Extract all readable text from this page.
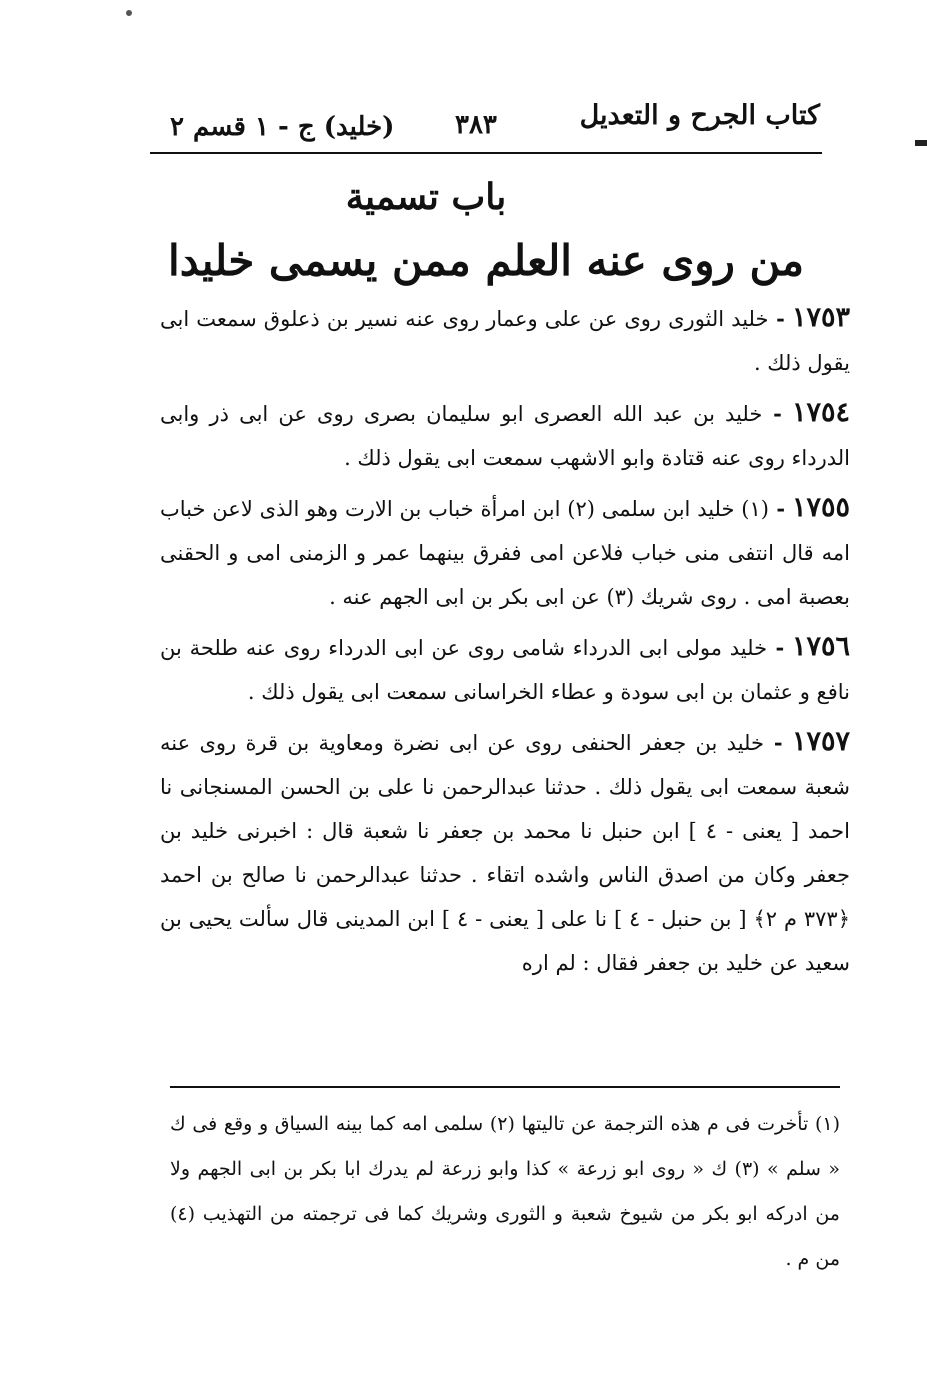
كتاب الجرح و التعديل
٣٨٣
(خليد) ج - ١ قسم ٢
باب تسمية
من روى عنه العلم ممن يسمى خليدا

١٧٥٣ - خليد الثورى روى عن على وعمار روى عنه نسير بن ذعلوق سمعت ابى يقول ذلك .

١٧٥٤ - خليد بن عبد الله العصرى ابو سليمان بصرى روى عن ابى ذر وابى الدرداء روى عنه قتادة وابو الاشهب سمعت ابى يقول ذلك .

١٧٥٥ - (١) خليد ابن سلمى (٢) ابن امرأة خباب بن الارت وهو الذى لاعن خباب امه قال انتفى منى خباب فلاعن امى ففرق بينهما عمر و الزمنى امى و الحقنى بعصبة امى . روى شريك (٣) عن ابى بكر بن ابى الجهم عنه .

١٧٥٦ - خليد مولى ابى الدرداء شامى روى عن ابى الدرداء روى عنه طلحة بن نافع و عثمان بن ابى سودة و عطاء الخراسانى سمعت ابى يقول ذلك .

١٧٥٧ - خليد بن جعفر الحنفى روى عن ابى نضرة ومعاوية بن قرة روى عنه شعبة سمعت ابى يقول ذلك . حدثنا عبدالرحمن نا على بن الحسن المسنجانى نا احمد [ يعنى - ٤ ] ابن حنبل نا محمد بن جعفر نا شعبة قال : اخبرنى خليد بن جعفر وكان من اصدق الناس واشده اتقاء . حدثنا عبدالرحمن نا صالح بن احمد ﴿٣٧٣ م ٢﴾ [ بن حنبل - ٤ ] نا على [ يعنى - ٤ ] ابن المدينى قال سألت يحيى بن سعيد عن خليد بن جعفر فقال : لم اره

(١) تأخرت فى م هذه الترجمة عن تاليتها (٢) سلمى امه كما بينه السياق و وقع فى ك « سلم » (٣) ك « روى ابو زرعة » كذا وابو زرعة لم يدرك ابا بكر بن ابى الجهم ولا من ادركه ابو بكر من شيوخ شعبة و الثورى وشريك كما فى ترجمته من التهذيب (٤) من م .
